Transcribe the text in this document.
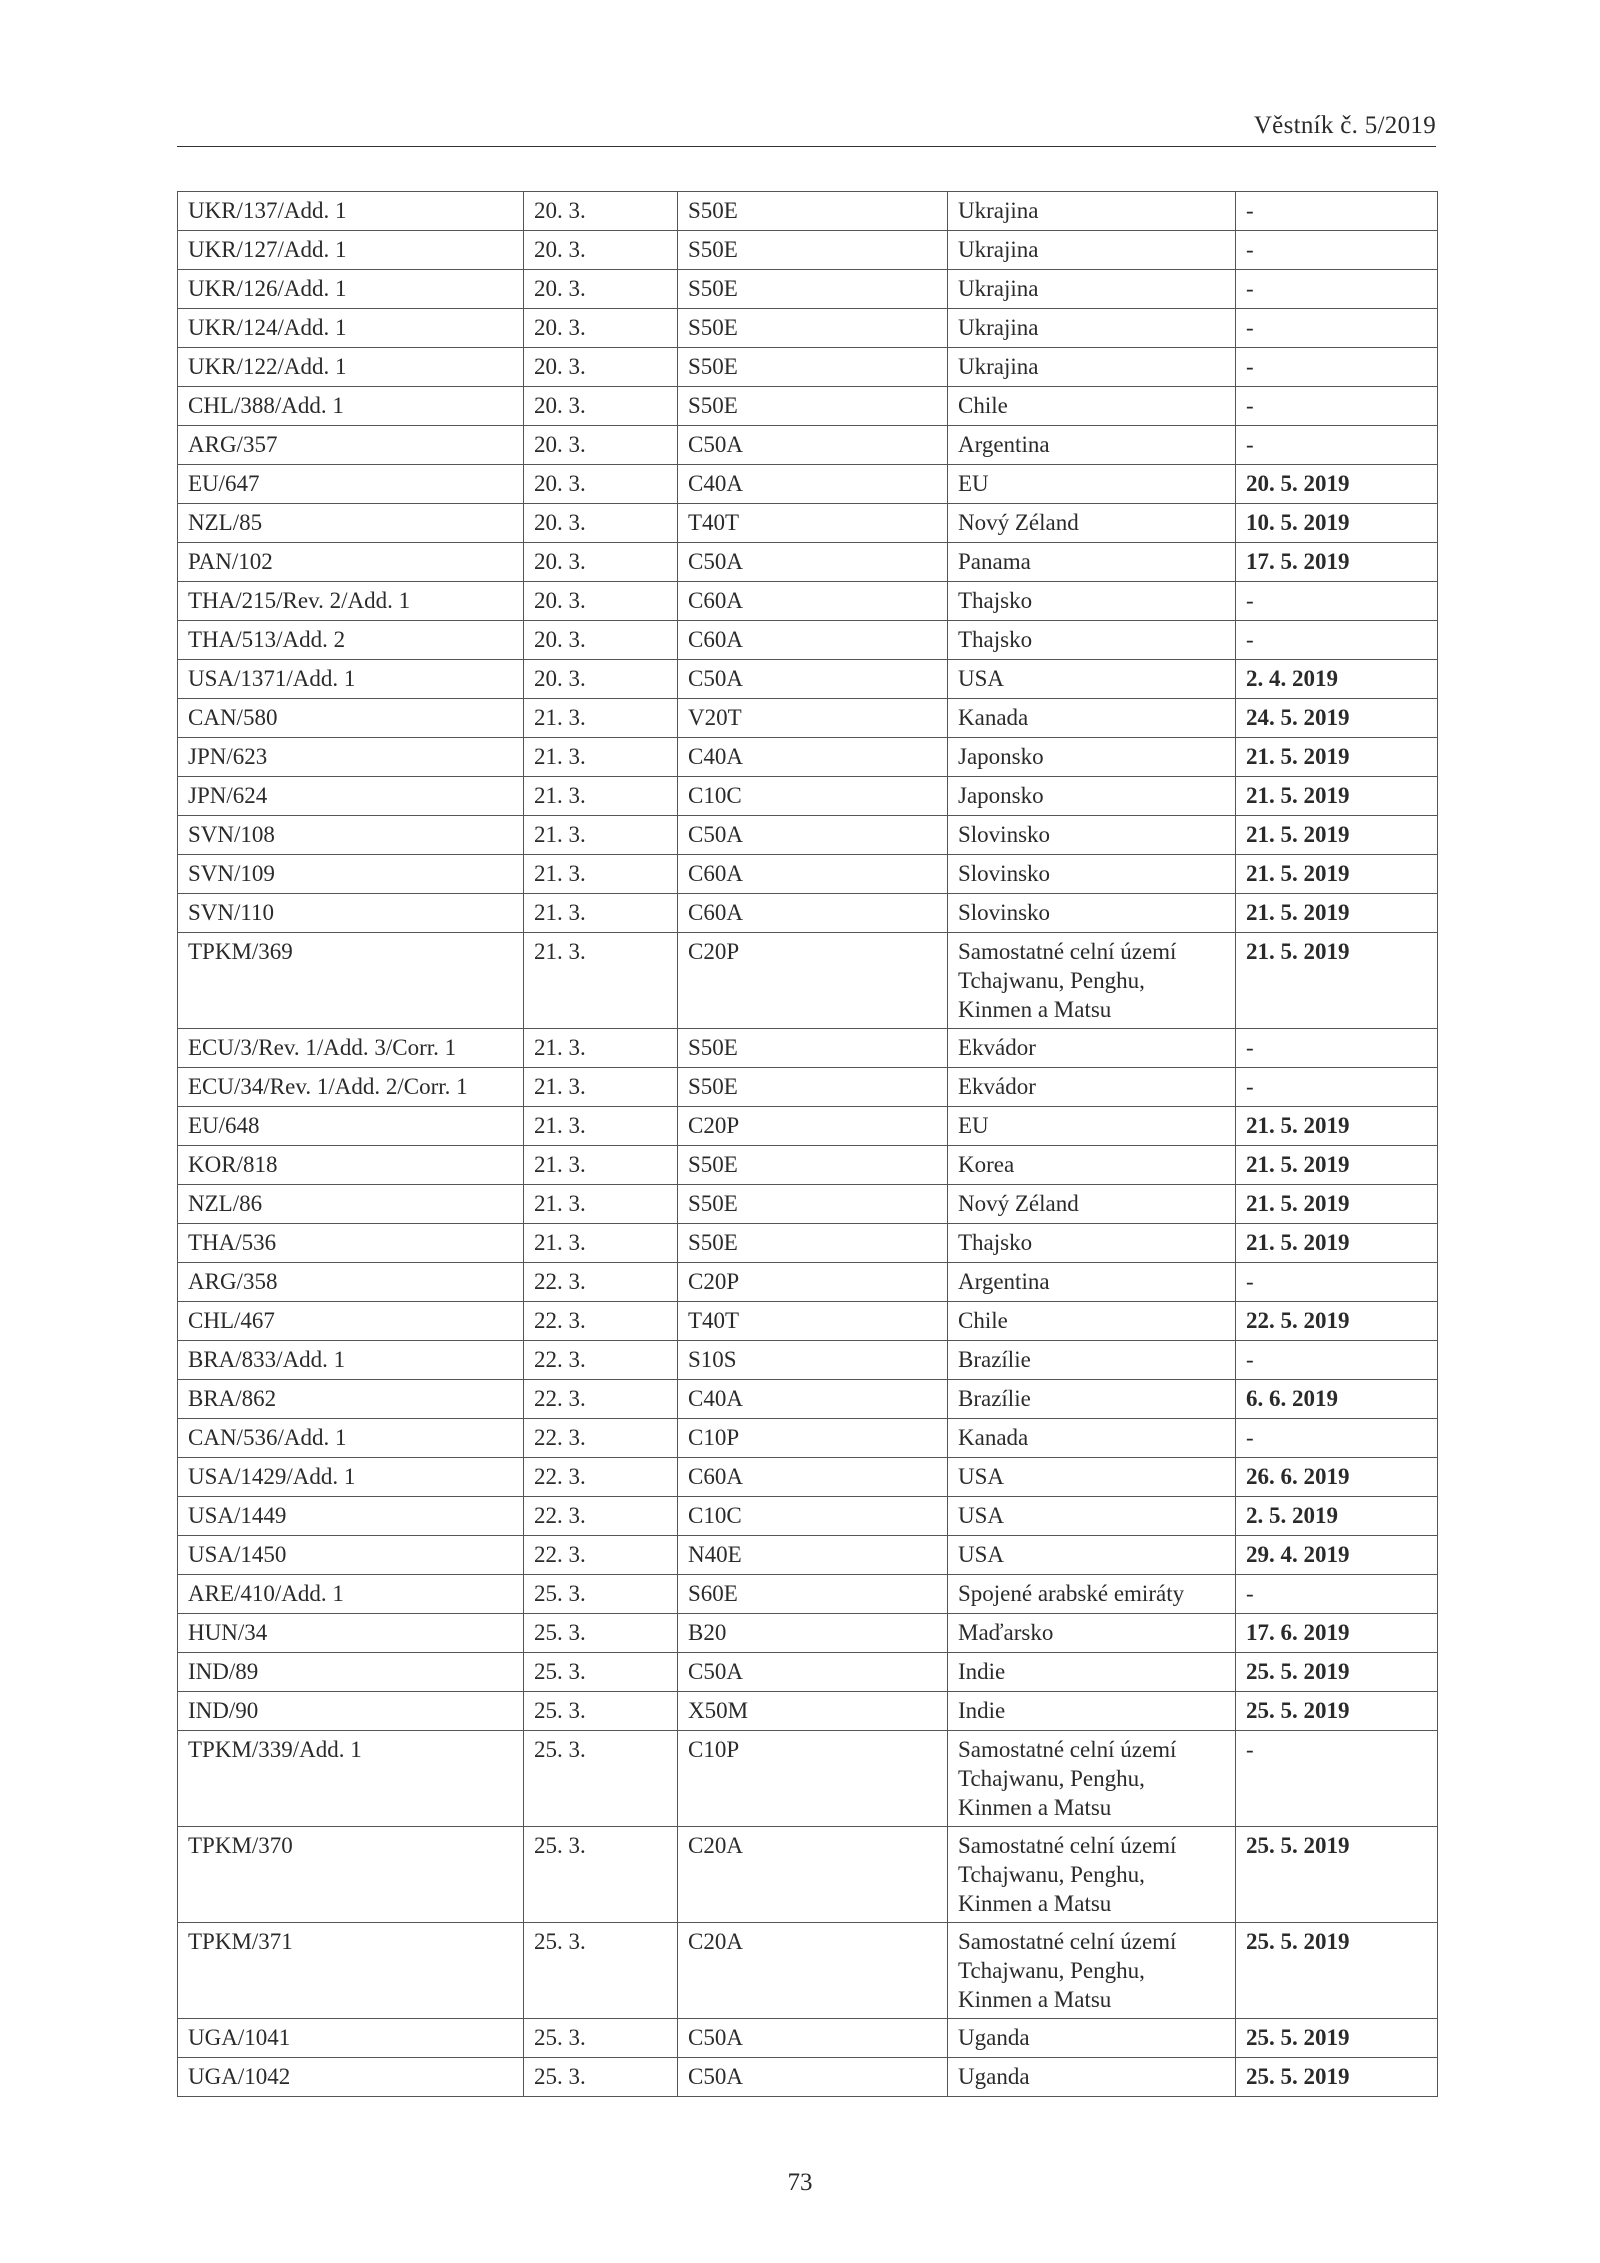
Věstník č. 5/2019
UKR/137/Add. 1	20. 3.	S50E	Ukrajina	-
UKR/127/Add. 1	20. 3.	S50E	Ukrajina	-
UKR/126/Add. 1	20. 3.	S50E	Ukrajina	-
UKR/124/Add. 1	20. 3.	S50E	Ukrajina	-
UKR/122/Add. 1	20. 3.	S50E	Ukrajina	-
CHL/388/Add. 1	20. 3.	S50E	Chile	-
ARG/357	20. 3.	C50A	Argentina	-
EU/647	20. 3.	C40A	EU	20. 5. 2019
NZL/85	20. 3.	T40T	Nový Zéland	10. 5. 2019
PAN/102	20. 3.	C50A	Panama	17. 5. 2019
THA/215/Rev. 2/Add. 1	20. 3.	C60A	Thajsko	-
THA/513/Add. 2	20. 3.	C60A	Thajsko	-
USA/1371/Add. 1	20. 3.	C50A	USA	2. 4. 2019
CAN/580	21. 3.	V20T	Kanada	24. 5. 2019
JPN/623	21. 3.	C40A	Japonsko	21. 5. 2019
JPN/624	21. 3.	C10C	Japonsko	21. 5. 2019
SVN/108	21. 3.	C50A	Slovinsko	21. 5. 2019
SVN/109	21. 3.	C60A	Slovinsko	21. 5. 2019
SVN/110	21. 3.	C60A	Slovinsko	21. 5. 2019
TPKM/369	21. 3.	C20P	Samostatné celní území
Tchajwanu, Penghu,
Kinmen a Matsu	21. 5. 2019
ECU/3/Rev. 1/Add. 3/Corr. 1	21. 3.	S50E	Ekvádor	-
ECU/34/Rev. 1/Add. 2/Corr. 1	21. 3.	S50E	Ekvádor	-
EU/648	21. 3.	C20P	EU	21. 5. 2019
KOR/818	21. 3.	S50E	Korea	21. 5. 2019
NZL/86	21. 3.	S50E	Nový Zéland	21. 5. 2019
THA/536	21. 3.	S50E	Thajsko	21. 5. 2019
ARG/358	22. 3.	C20P	Argentina	-
CHL/467	22. 3.	T40T	Chile	22. 5. 2019
BRA/833/Add. 1	22. 3.	S10S	Brazílie	-
BRA/862	22. 3.	C40A	Brazílie	6. 6. 2019
CAN/536/Add. 1	22. 3.	C10P	Kanada	-
USA/1429/Add. 1	22. 3.	C60A	USA	26. 6. 2019
USA/1449	22. 3.	C10C	USA	2. 5. 2019
USA/1450	22. 3.	N40E	USA	29. 4. 2019
ARE/410/Add. 1	25. 3.	S60E	Spojené arabské emiráty	-
HUN/34	25. 3.	B20	Maďarsko	17. 6. 2019
IND/89	25. 3.	C50A	Indie	25. 5. 2019
IND/90	25. 3.	X50M	Indie	25. 5. 2019
TPKM/339/Add. 1	25. 3.	C10P	Samostatné celní území
Tchajwanu, Penghu,
Kinmen a Matsu	-
TPKM/370	25. 3.	C20A	Samostatné celní území
Tchajwanu, Penghu,
Kinmen a Matsu	25. 5. 2019
TPKM/371	25. 3.	C20A	Samostatné celní území
Tchajwanu, Penghu,
Kinmen a Matsu	25. 5. 2019
UGA/1041	25. 3.	C50A	Uganda	25. 5. 2019
UGA/1042	25. 3.	C50A	Uganda	25. 5. 2019
73
